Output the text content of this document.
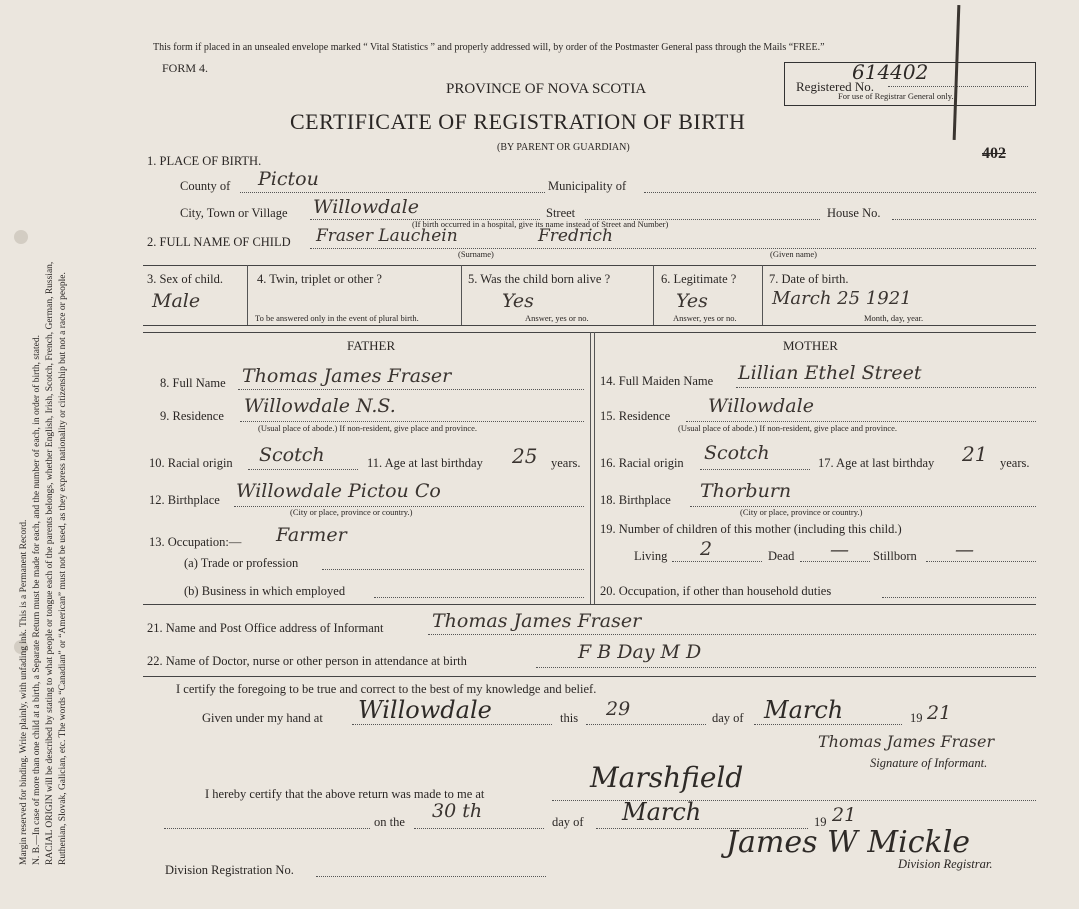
Margin reserved for binding. Write plainly, with unfading ink. This is a Permanent Record. N. B.—In case of more than one child at a birth, a Separate Return must be made for each, and the number of each, in order of birth, stated. RACIAL ORIGIN will be described by stating to what people or tongue each of the parents belongs, whether English, Irish, Scotch, French, German, Russian, Ruthenian, Slovak, Galician, etc. The words “Canadian” or “American” must not be used, as they express nationality or citizenship but not a race or people.
This form if placed in an unsealed envelope marked “ Vital Statistics ” and properly addressed will, by order of the Postmaster General pass through the Mails “FREE.”
FORM 4.
PROVINCE OF NOVA SCOTIA
CERTIFICATE OF REGISTRATION OF BIRTH
(BY PARENT OR GUARDIAN)
Registered No.
614402
For use of Registrar General only.
402
1. PLACE OF BIRTH.
County of Pictou	Municipality of
City, Town or Village Willowdale	Street
(If birth occurred in a hospital, give its name instead of Street and Number)
House No.
2. FULL NAME OF CHILD Fraser Lauchein	Fredrich
(Surname)	(Given name)
3. Sex of child.
Male
4. Twin, triplet or other ?
To be answered only in the event of plural birth.
5. Was the child born alive ?
Yes
Answer, yes or no.
6. Legitimate ?
Yes
Answer, yes or no.
7. Date of birth.
March 25 1921
Month, day, year.
FATHER	MOTHER
8. Full Name Thomas James Fraser
9. Residence Willowdale N.S.
(Usual place of abode.) If non-resident, give place and province.
10. Racial origin Scotch	11. Age at last birthday 25 years.
12. Birthplace Willowdale Pictou Co
(City or place, province or country.)
13. Occupation:— Farmer
(a) Trade or profession
(b) Business in which employed
14. Full Maiden Name Lillian Ethel Street
15. Residence Willowdale
(Usual place of abode.) If non-resident, give place and province.
16. Racial origin Scotch	17. Age at last birthday 21 years.
18. Birthplace Thorburn
(City or place, province or country.)
19. Number of children of this mother (including this child.)
Living 2	Dead — Stillborn —
20. Occupation, if other than household duties
21. Name and Post Office address of Informant	Thomas James Fraser
22. Name of Doctor, nurse or other person in attendance at birth	F B Day M D
I certify the foregoing to be true and correct to the best of my knowledge and belief.
Given under my hand at Willowdale	this 29	day of March	19 21
Thomas James Fraser
Signature of Informant.
I hereby certify that the above return was made to me at	Marshfield
on the 30 th	day of March	19 21
James W Mickle
Division Registrar.
Division Registration No.
